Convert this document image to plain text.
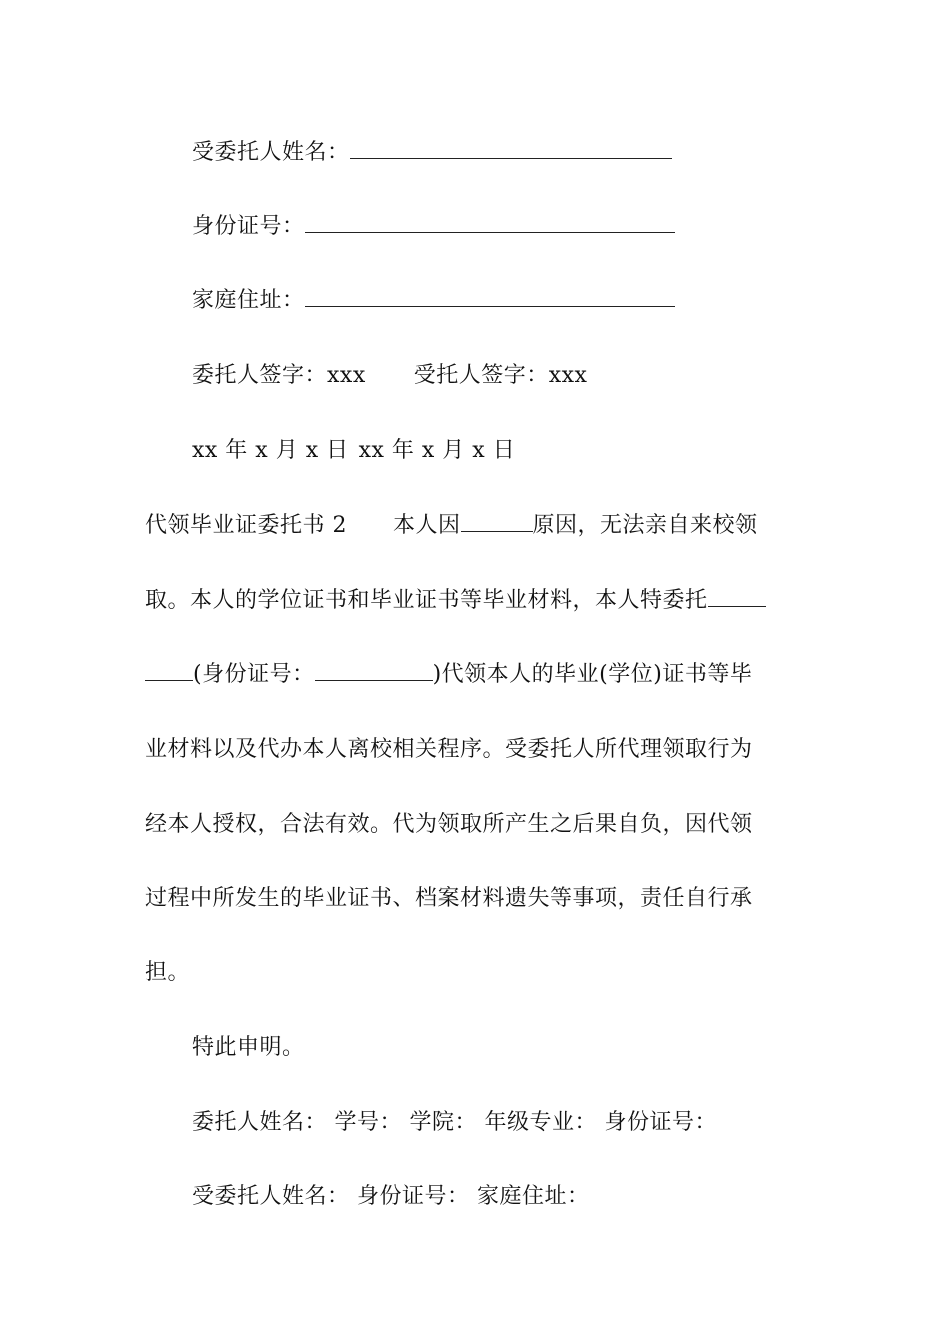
受委托人姓名：
身份证号：
家庭住址：
委托人签字：xxx 受托人签字：xxx
xx 年 x 月 x 日 xx 年 x 月 x 日
代领毕业证委托书 2 本人因	原因，无法亲自来校领
取。本人的学位证书和毕业证书等毕业材料，本人特委托
(身份证号：	)代领本人的毕业(学位)证书等毕
业材料以及代办本人离校相关程序。受委托人所代理领取行为
经本人授权，合法有效。代为领取所产生之后果自负，因代领
过程中所发生的毕业证书、档案材料遗失等事项，责任自行承
担。
特此申明。
委托人姓名： 学号： 学院： 年级专业： 身份证号：
受委托人姓名： 身份证号： 家庭住址：
